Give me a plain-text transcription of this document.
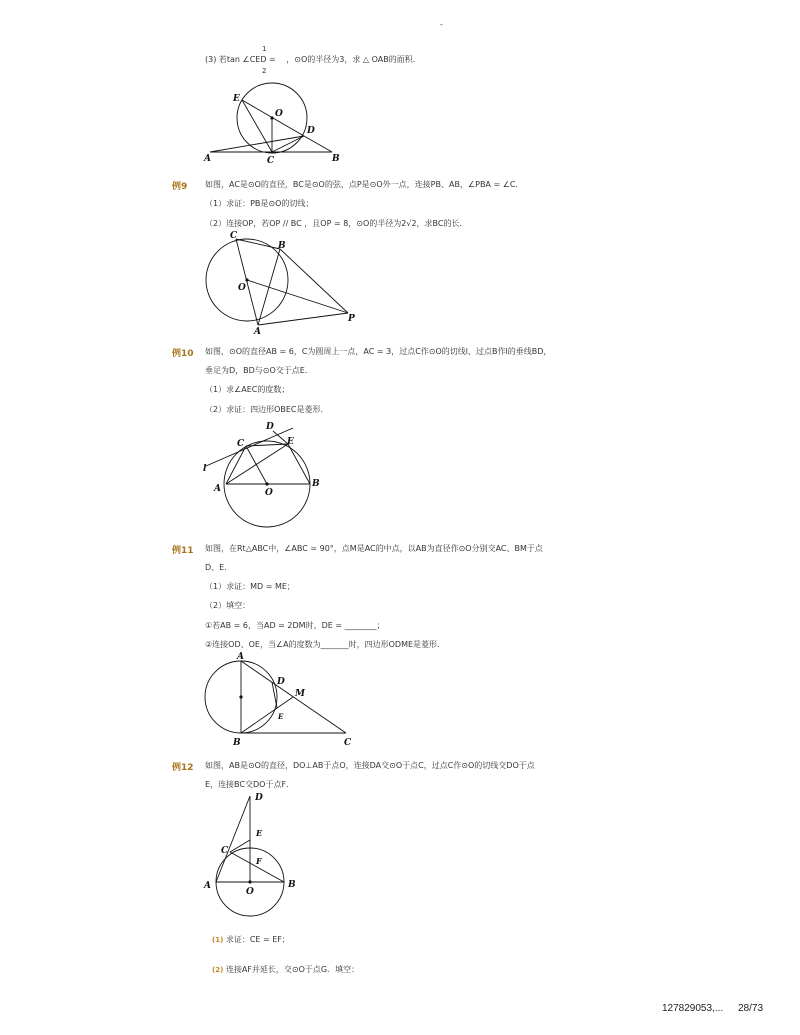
-
(3) 若tan ∠CED =
1
2
，⊙O的半径为3，求 △ OAB的面积．
E
O
D
A	C	B
例9 如图，AC是⊙O的直径，BC是⊙O的弦，点P是⊙O外一点，连接PB、AB，∠PBA = ∠C．
（1）求证：PB是⊙O的切线；
（2）连接OP，若OP // BC ，且OP = 8，⊙O的半径为2√2，求BC的长．
C
B
O
A
P
例10 如图，⊙O的直径AB = 6，C为圆周上一点，AC = 3，过点C作⊙O的切线l，过点B作l的垂线BD，
垂足为D，BD与⊙O交于点E．
（1）求∠AEC的度数；
（2）求证：四边形OBEC是菱形．
D
C	E
l
A	O
B
例11 如图，在Rt△ABC中，∠ABC = 90°，点M是AC的中点，以AB为直径作⊙O分别交AC、BM于点
D、E．
（1）求证：MD = ME；
（2）填空：
①若AB = 6，当AD = 2DM时，DE = ________；
②连接OD、OE，当∠A的度数为_______时，四边形ODME是菱形．
A
D
M
E
B	C
例12 如图，AB是⊙O的直径，DO⊥AB于点O，连接DA交⊙O于点C，过点C作⊙O的切线交DO于点
E，连接BC交DO于点F．
D
E
C
F
A
O
B
(1) 求证：CE = EF；
(2) 连接AF并延长，交⊙O于点G．填空：
127829053,... 28/73
